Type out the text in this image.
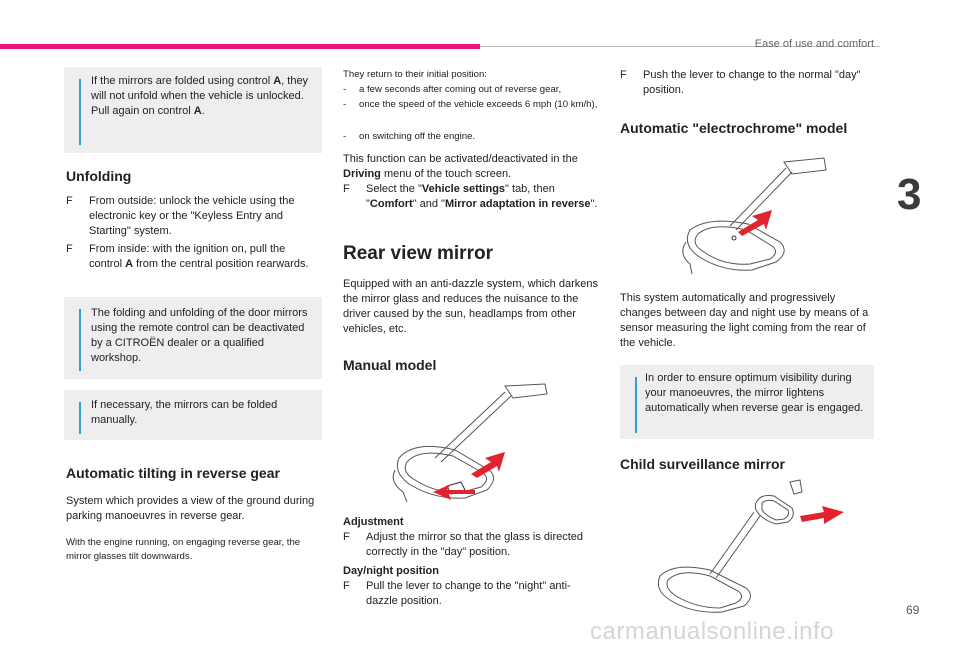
Ease of use and comfort
3
69

If the mirrors are folded using control A, they will not unfold when the vehicle is unlocked. Pull again on control A.

Unfolding
F	From outside: unlock the vehicle using the electronic key or the "Keyless Entry and Starting" system.
F	From inside: with the ignition on, pull the control A from the central position rearwards.

The folding and unfolding of the door mirrors using the remote control can be deactivated by a CITROËN dealer or a qualified workshop.

If necessary, the mirrors can be folded manually.

Automatic tilting in reverse gear

System which provides a view of the ground during parking manoeuvres in reverse gear.

With the engine running, on engaging reverse gear, the mirror glasses tilt downwards.

They return to their initial position:

-	a few seconds after coming out of reverse gear,
-	once the speed of the vehicle exceeds 6 mph (10 km/h),
-	on switching off the engine.

This function can be activated/deactivated in the Driving menu of the touch screen.

F	Select the "Vehicle settings" tab, then "Comfort" and "Mirror adaptation in reverse".
Rear view mirror

Equipped with an anti-dazzle system, which darkens the mirror glass and reduces the nuisance to the driver caused by the sun, headlamps from other vehicles, etc.

Manual model
Adjustment
F	Adjust the mirror so that the glass is directed correctly in the "day" position.
Day/night position
F	Pull the lever to change to the "night" anti-dazzle position.
F	Push the lever to change to the normal "day" position.
Automatic "electrochrome" model

This system automatically and progressively changes between day and night use by means of a sensor measuring the light coming from the rear of the vehicle.

In order to ensure optimum visibility during your manoeuvres, the mirror lightens automatically when reverse gear is engaged.

Child surveillance mirror
carmanualsonline.info
